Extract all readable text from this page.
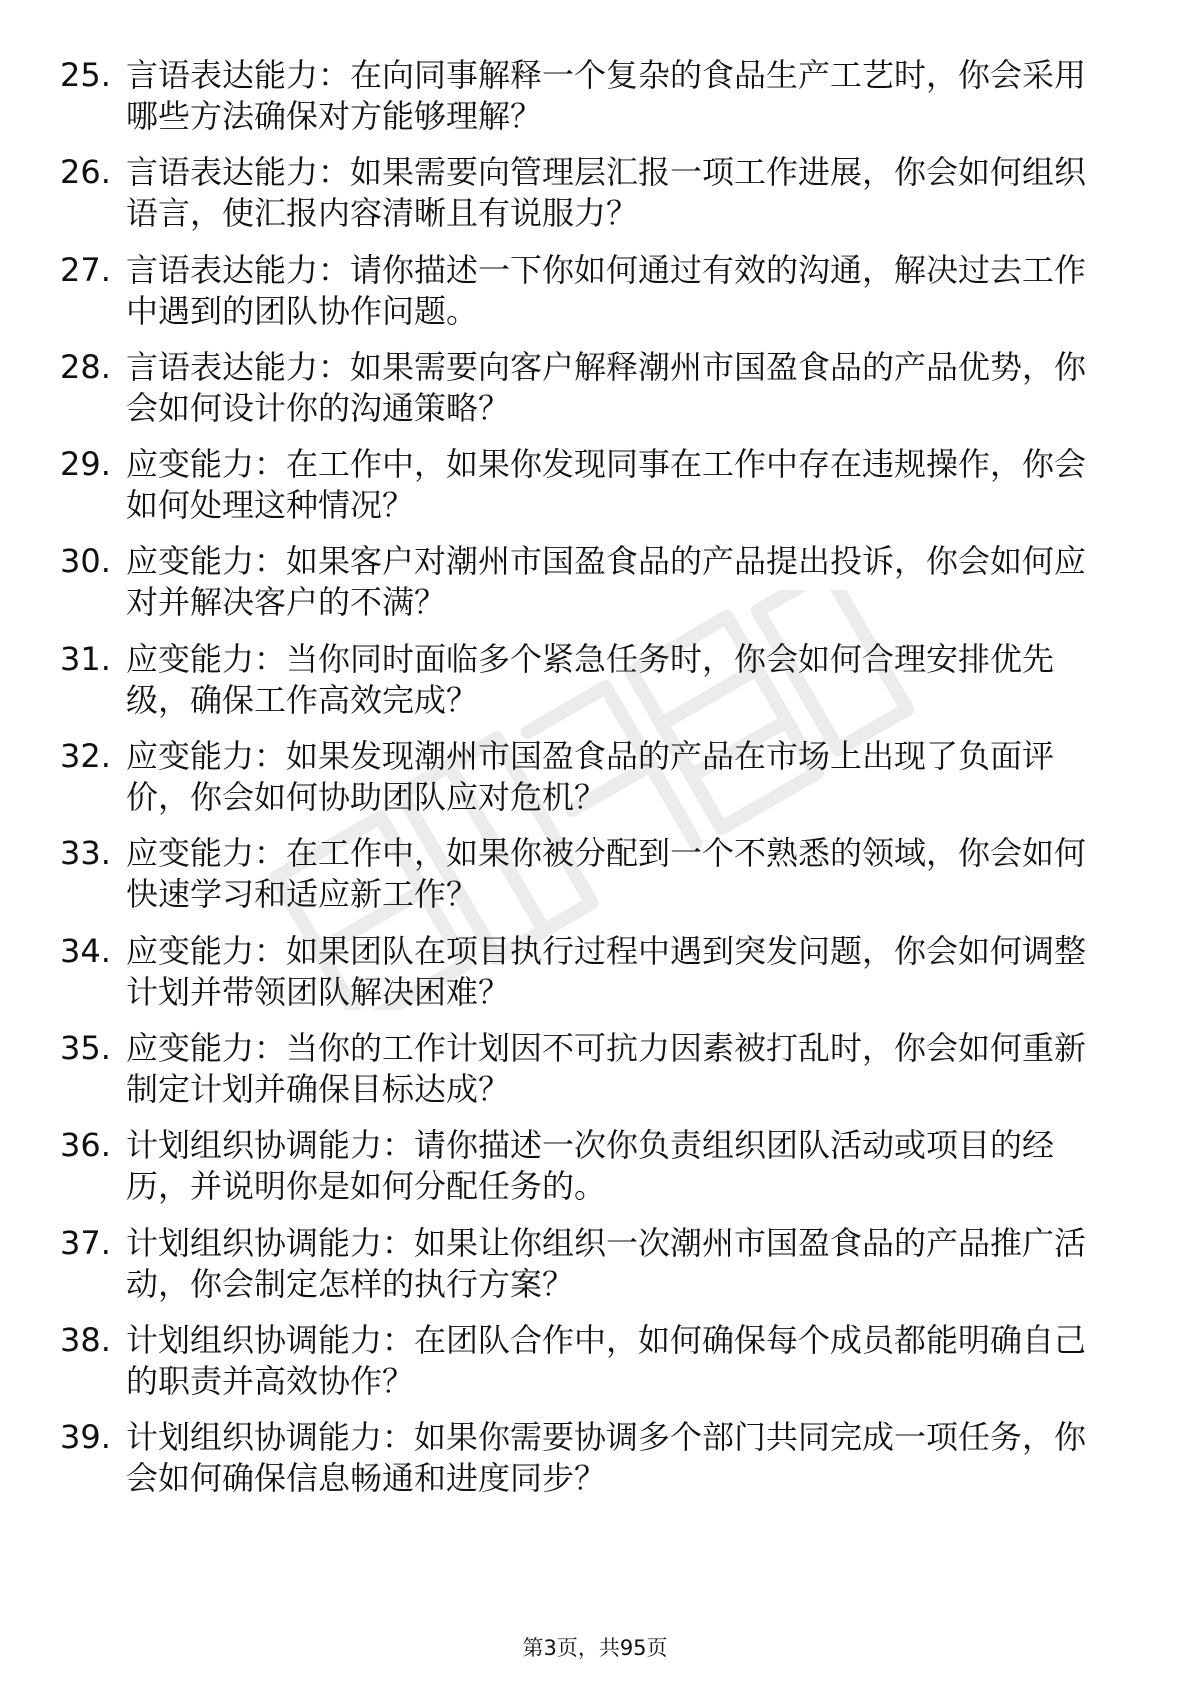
25. 言语表达能力：在向同事解释一个复杂的食品生产工艺时，你会采用哪些方法确保对方能够理解？
26. 言语表达能力：如果需要向管理层汇报一项工作进展，你会如何组织语言，使汇报内容清晰且有说服力？
27. 言语表达能力：请你描述一下你如何通过有效的沟通，解决过去工作中遇到的团队协作问题。
28. 言语表达能力：如果需要向客户解释潮州市国盈食品的产品优势，你会如何设计你的沟通策略？
29. 应变能力：在工作中，如果你发现同事在工作中存在违规操作，你会如何处理这种情况？
30. 应变能力：如果客户对潮州市国盈食品的产品提出投诉，你会如何应对并解决客户的不满？
31. 应变能力：当你同时面临多个紧急任务时，你会如何合理安排优先级，确保工作高效完成？
32. 应变能力：如果发现潮州市国盈食品的产品在市场上出现了负面评价，你会如何协助团队应对危机？
33. 应变能力：在工作中，如果你被分配到一个不熟悉的领域，你会如何快速学习和适应新工作？
34. 应变能力：如果团队在项目执行过程中遇到突发问题，你会如何调整计划并带领团队解决困难？
35. 应变能力：当你的工作计划因不可抗力因素被打乱时，你会如何重新制定计划并确保目标达成？
36. 计划组织协调能力：请你描述一次你负责组织团队活动或项目的经历，并说明你是如何分配任务的。
37. 计划组织协调能力：如果让你组织一次潮州市国盈食品的产品推广活动，你会制定怎样的执行方案？
38. 计划组织协调能力：在团队合作中，如何确保每个成员都能明确自己的职责并高效协作？
39. 计划组织协调能力：如果你需要协调多个部门共同完成一项任务，你会如何确保信息畅通和进度同步？
第3页，共95页
